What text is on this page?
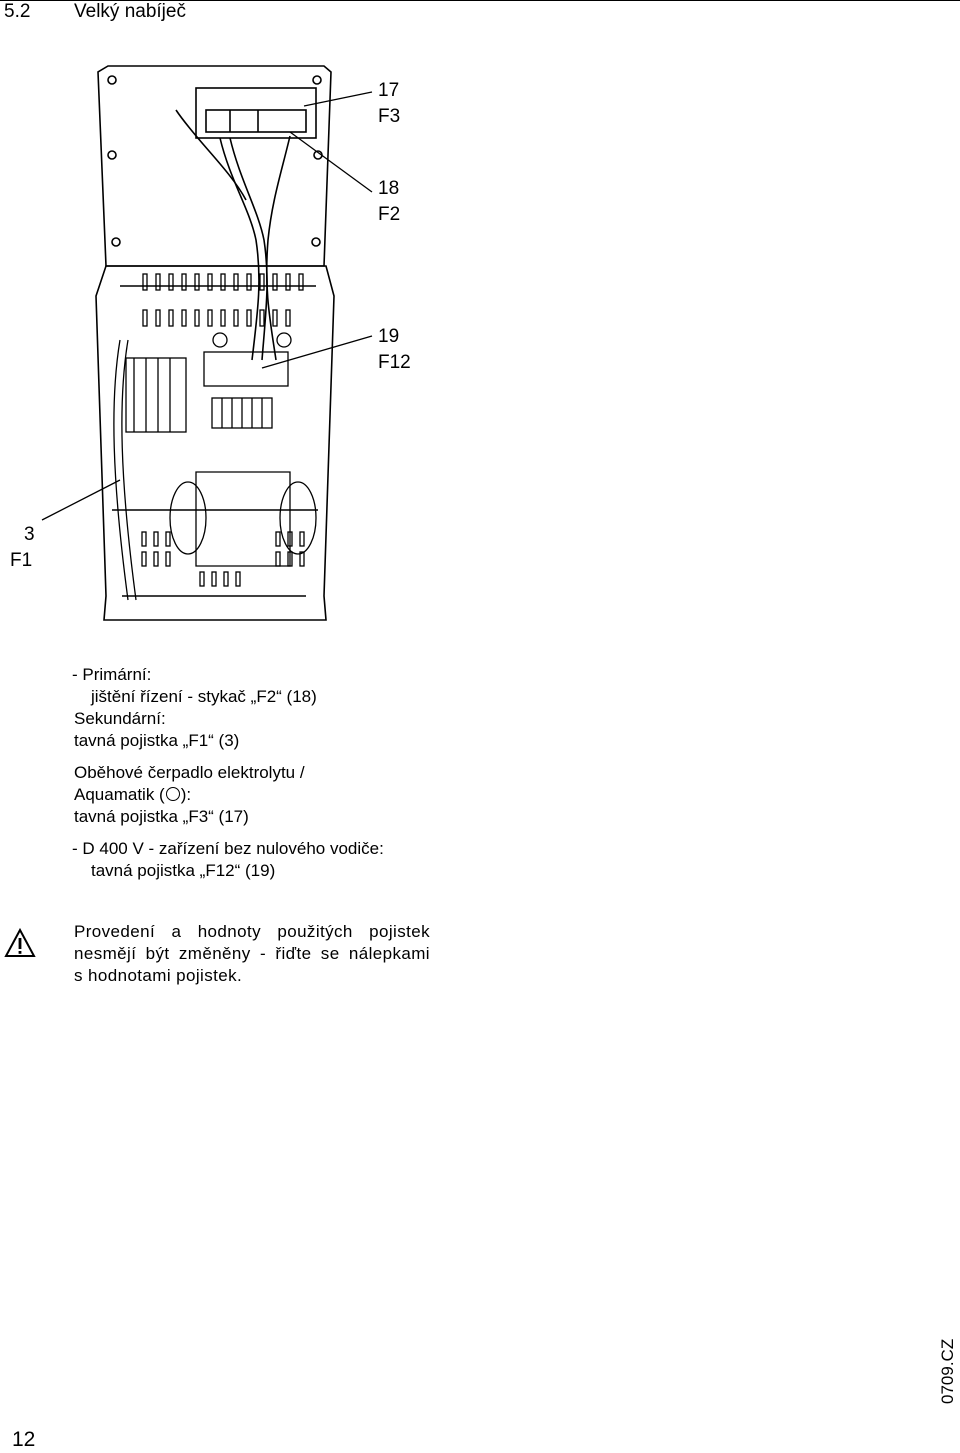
5.2 Velký nabíječ
17
F3
18
F2
19
F12
3
F1
- Primární:
jištění řízení - stykač „F2“ (18)
Sekundární:
tavná pojistka „F1“ (3)
Oběhové čerpadlo elektrolytu /
Aquamatik ( ):
tavná pojistka „F3“ (17)
- D 400 V - zařízení bez nulového vodiče:
tavná pojistka „F12“ (19)
Provedení a hodnoty použitých pojistek
nesmějí být změněny - řiďte se nálepkami
s hodnotami pojistek.
12
0709.CZ
